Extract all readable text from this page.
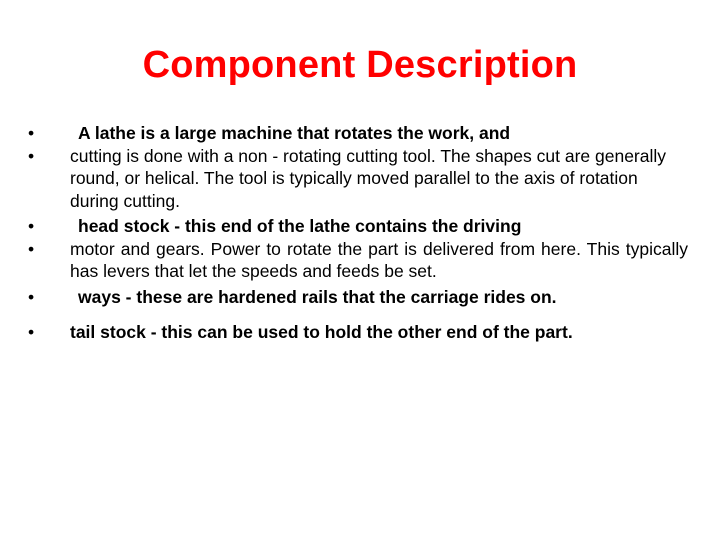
Component Description
•	A lathe is a large machine that rotates the work, and
• cutting is done with a non - rotating cutting tool. The shapes cut are generally round, or helical. The tool is typically moved parallel to the axis of rotation during cutting.
•	head stock - this end of the lathe contains the driving
• motor and gears. Power to rotate the part is delivered from here. This typically has levers that let the speeds and feeds be set.
•	ways - these are hardened rails that the carriage rides on.
• tail stock - this can be used to hold the other end of the part.
